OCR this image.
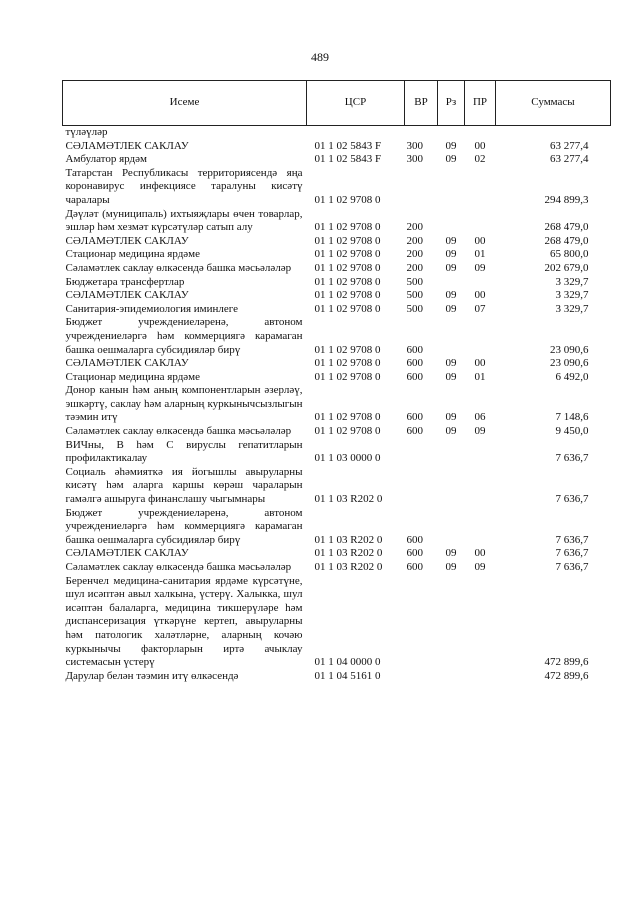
489
Исеме	ЦСР	ВР	Рз	ПР	Суммасы
түләүләр					
СӘЛАМӘТЛЕК САКЛАУ	01 1 02 5843 F	300	09	00	63 277,4
Амбулатор ярдәм	01 1 02 5843 F	300	09	02	63 277,4
Татарстан Республикасы территориясендә яңа коронавирус инфекциясе таралуны кисәтү чаралары	01 1 02 9708 0				294 899,3
Дәүләт (муниципаль) ихтыяҗлары өчен товарлар, эшләр һәм хезмәт күрсәтүләр сатып алу	01 1 02 9708 0	200			268 479,0
СӘЛАМӘТЛЕК САКЛАУ	01 1 02 9708 0	200	09	00	268 479,0
Стационар медицина ярдәме	01 1 02 9708 0	200	09	01	65 800,0
Сәламәтлек саклау өлкәсендә башка мәсьәләләр	01 1 02 9708 0	200	09	09	202 679,0
Бюджетара трансфертлар	01 1 02 9708 0	500			3 329,7
СӘЛАМӘТЛЕК САКЛАУ	01 1 02 9708 0	500	09	00	3 329,7
Санитария-эпидемиология иминлеге	01 1 02 9708 0	500	09	07	3 329,7
Бюджет учреждениеләренә, автоном учреждениеләргә һәм коммерциягә карамаган башка оешмаларга субсидияләр бирү	01 1 02 9708 0	600			23 090,6
СӘЛАМӘТЛЕК САКЛАУ	01 1 02 9708 0	600	09	00	23 090,6
Стационар медицина ярдәме	01 1 02 9708 0	600	09	01	6 492,0
Донор канын һәм аның компонентларын әзерләү, эшкәртү, саклау һәм аларның куркынычсызлыгын тәэмин итү	01 1 02 9708 0	600	09	06	7 148,6
Сәламәтлек саклау өлкәсендә башка мәсьәләләр	01 1 02 9708 0	600	09	09	9 450,0
ВИЧны, В һәм С вируслы гепатитларын профилактикалау	01 1 03 0000 0				7 636,7
Социаль әһәмияткә ия йогышлы авыруларны кисәтү һәм аларга каршы көрәш чараларын гамәлгә ашыруга финанслашу чыгымнары	01 1 03 R202 0				7 636,7
Бюджет учреждениеләренә, автоном учреждениеләргә һәм коммерциягә карамаган башка оешмаларга субсидияләр бирү	01 1 03 R202 0	600			7 636,7
СӘЛАМӘТЛЕК САКЛАУ	01 1 03 R202 0	600	09	00	7 636,7
Сәламәтлек саклау өлкәсендә башка мәсьәләләр	01 1 03 R202 0	600	09	09	7 636,7
Беренчел медицина-санитария ярдәме күрсәтүне, шул исәптән авыл халкына, үстерү. Халыкка, шул исәптән балаларга, медицина тикшерүләре һәм диспансеризация үткәрүне кертеп, авыруларны һәм патологик халәтләрне, аларның кочәю куркынычы факторларын иртә ачыклау системасын үстерү	01 1 04 0000 0				472 899,6
Дарулар белән тәэмин итү өлкәсендә	01 1 04 5161 0				472 899,6
